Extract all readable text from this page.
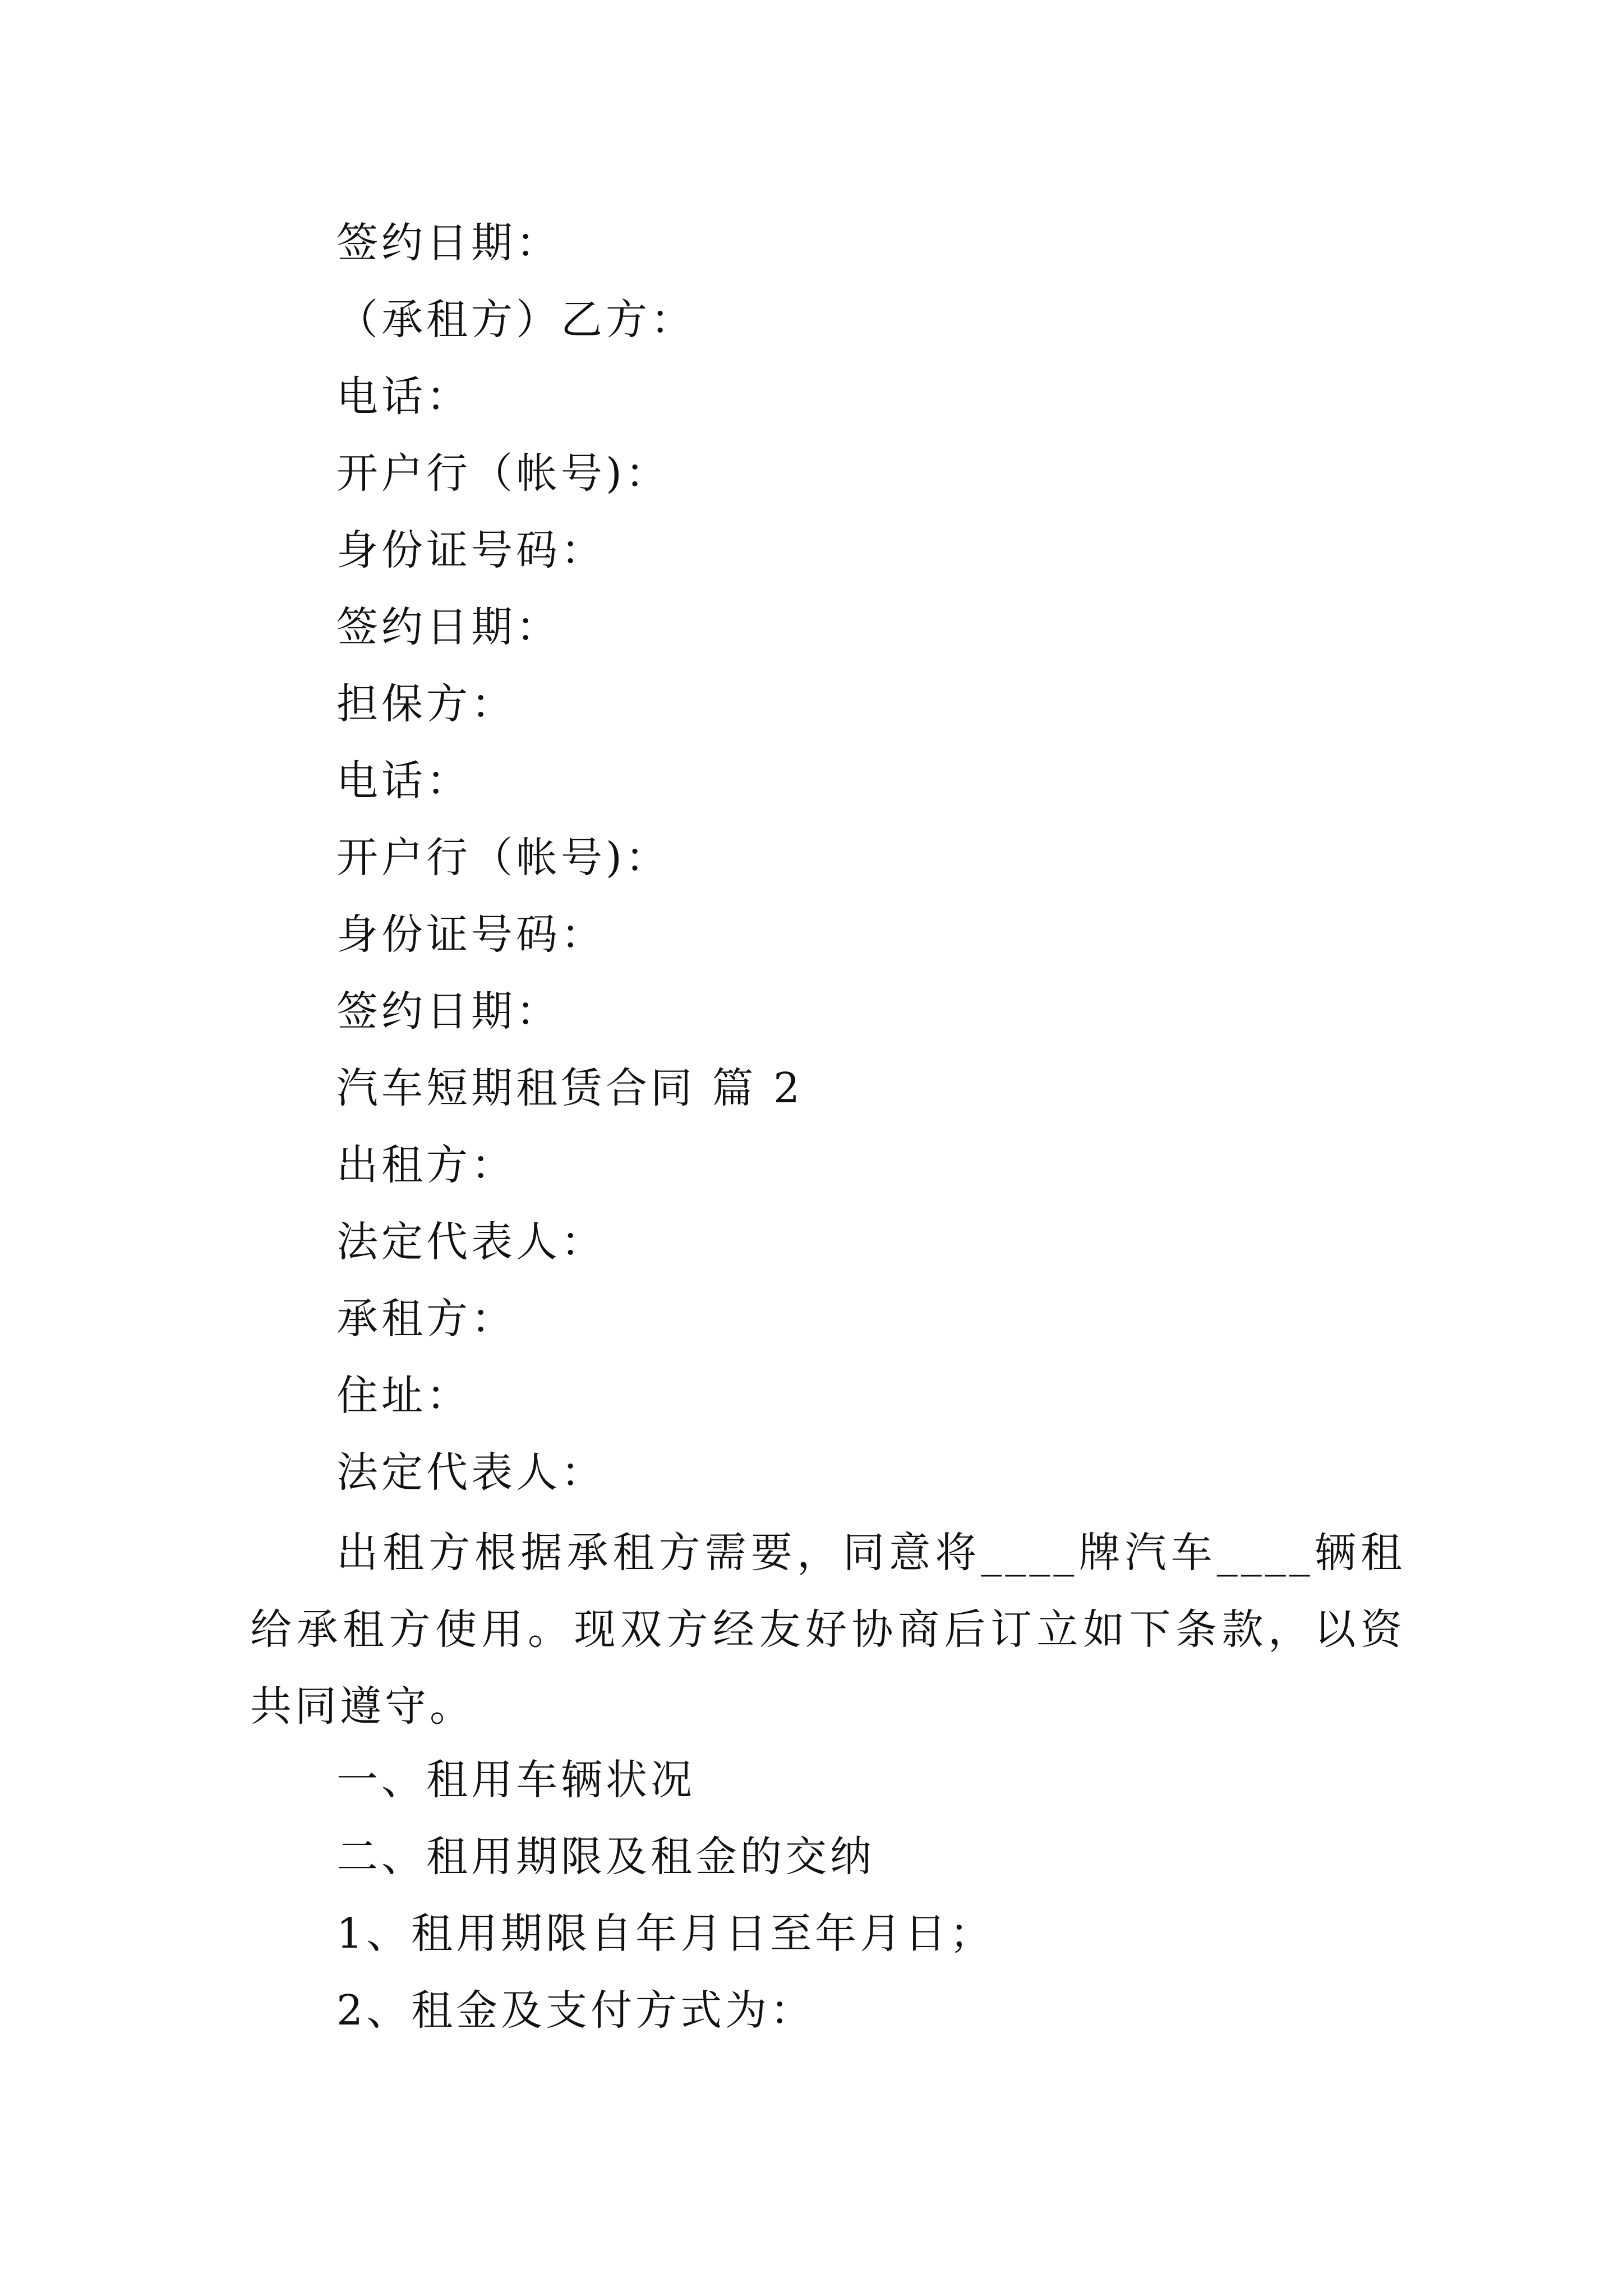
签约日期：
（承租方）乙方：
电话：
开户行（帐号)：
身份证号码：
签约日期：
担保方：
电话：
开户行（帐号)：
身份证号码：
签约日期：
汽车短期租赁合同 篇 2
出租方：
法定代表人：
承租方：
住址：
法定代表人：
出租方根据承租方需要，同意将____牌汽车____辆租给承租方使用。现双方经友好协商后订立如下条款，以资共同遵守。
一、租用车辆状况
二、租用期限及租金的交纳
1、租用期限自年月日至年月日；
2、租金及支付方式为：
